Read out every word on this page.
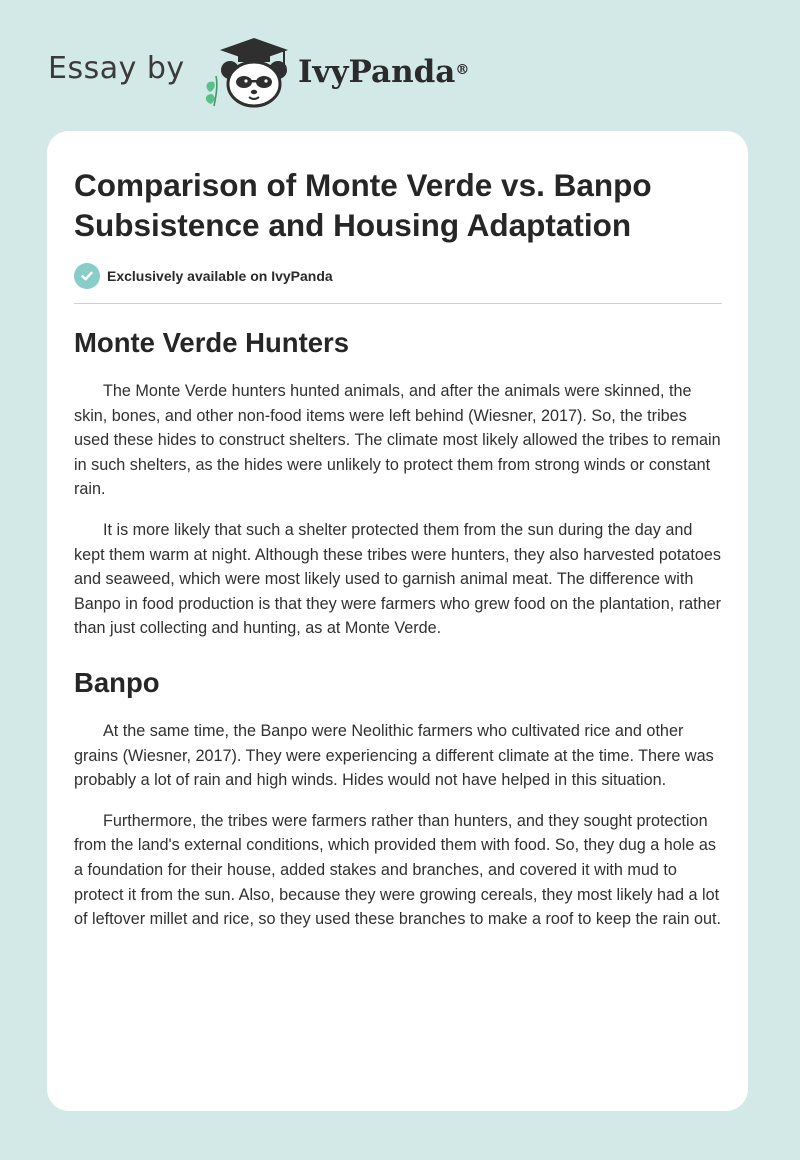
Essay by	IvyPanda®
Comparison of Monte Verde vs. Banpo Subsistence and Housing Adaptation
Exclusively available on IvyPanda
Monte Verde Hunters

The Monte Verde hunters hunted animals, and after the animals were skinned, the skin, bones, and other non-food items were left behind (Wiesner, 2017). So, the tribes used these hides to construct shelters. The climate most likely allowed the tribes to remain in such shelters, as the hides were unlikely to protect them from strong winds or constant rain.

It is more likely that such a shelter protected them from the sun during the day and kept them warm at night. Although these tribes were hunters, they also harvested potatoes and seaweed, which were most likely used to garnish animal meat. The difference with Banpo in food production is that they were farmers who grew food on the plantation, rather than just collecting and hunting, as at Monte Verde.

Banpo

At the same time, the Banpo were Neolithic farmers who cultivated rice and other grains (Wiesner, 2017). They were experiencing a different climate at the time. There was probably a lot of rain and high winds. Hides would not have helped in this situation.

Furthermore, the tribes were farmers rather than hunters, and they sought protection from the land's external conditions, which provided them with food. So, they dug a hole as a foundation for their house, added stakes and branches, and covered it with mud to protect it from the sun. Also, because they were growing cereals, they most likely had a lot of leftover millet and rice, so they used these branches to make a roof to keep the rain out.
